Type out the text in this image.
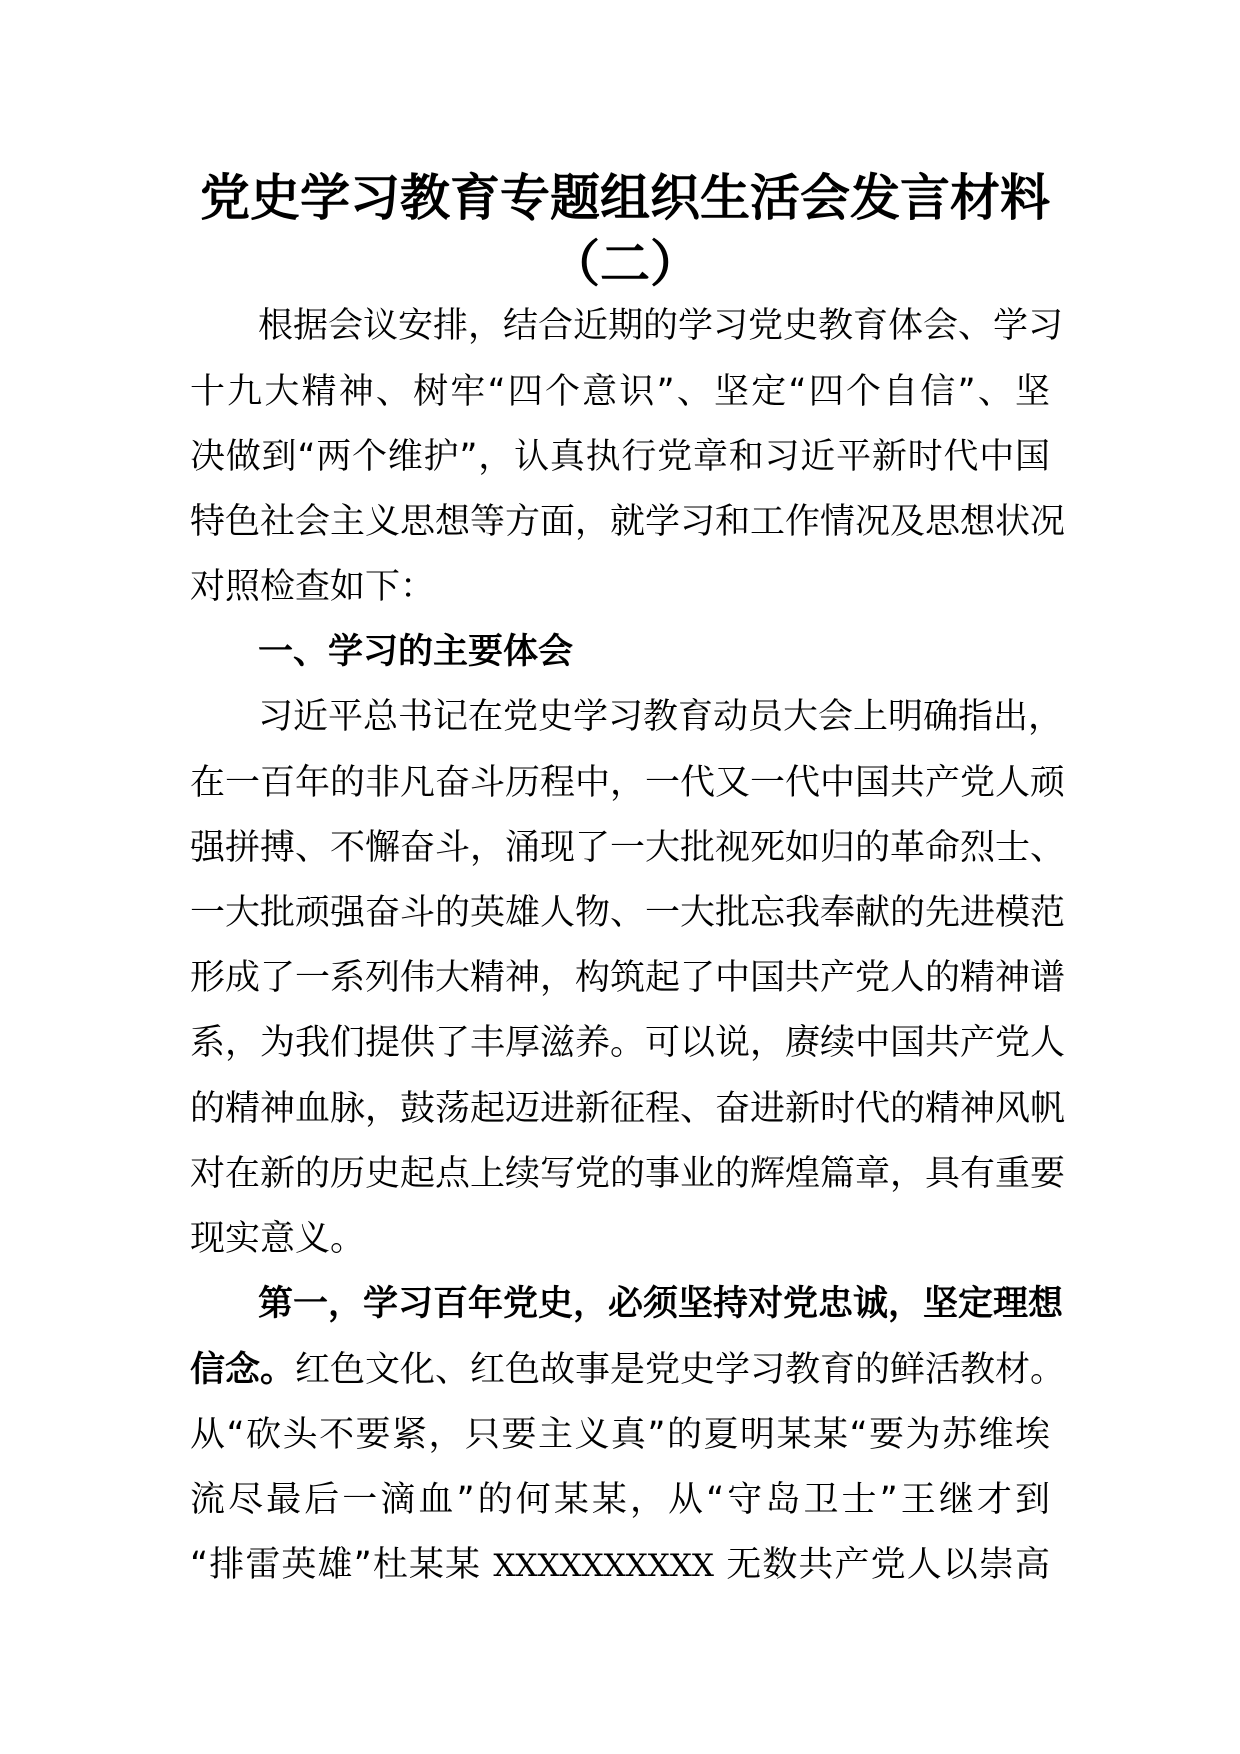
党史学习教育专题组织生活会发言材料
（二）

根据会议安排，结合近期的学习党史教育体会、学习

十九大精神、树牢“四个意识”、坚定“四个自信”、坚

决做到“两个维护”，认真执行党章和习近平新时代中国

特色社会主义思想等方面，就学习和工作情况及思想状况

对照检查如下：

一、学习的主要体会

习近平总书记在党史学习教育动员大会上明确指出，

在一百年的非凡奋斗历程中，一代又一代中国共产党人顽

强拼搏、不懈奋斗，涌现了一大批视死如归的革命烈士、

一大批顽强奋斗的英雄人物、一大批忘我奉献的先进模范

形成了一系列伟大精神，构筑起了中国共产党人的精神谱

系，为我们提供了丰厚滋养。可以说，赓续中国共产党人

的精神血脉，鼓荡起迈进新征程、奋进新时代的精神风帆

对在新的历史起点上续写党的事业的辉煌篇章，具有重要

现实意义。

第一，学习百年党史，必须坚持对党忠诚，坚定理想

信念。红色文化、红色故事是党史学习教育的鲜活教材。

从“砍头不要紧，只要主义真”的夏明某某“要为苏维埃

流尽最后一滴血”的何某某，从“守岛卫士”王继才到

“排雷英雄”杜某某 XXXXXXXXXX 无数共产党人以崇高
